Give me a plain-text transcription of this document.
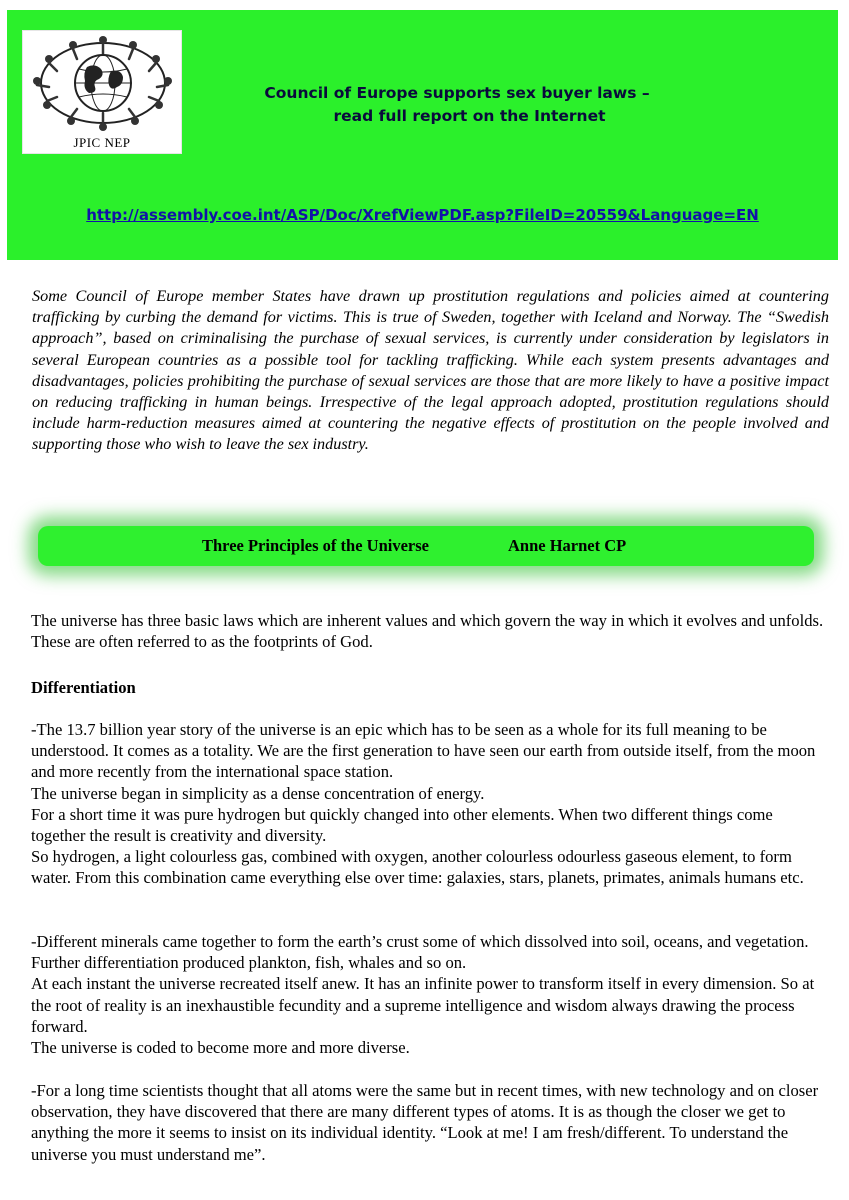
JPIC NEP
Council of Europe supports sex buyer laws –
read full report on the Internet
http://assembly.coe.int/ASP/Doc/XrefViewPDF.asp?FileID=20559&Language=EN
Some Council of Europe member States have drawn up prostitution regulations and policies aimed at countering trafficking by curbing the demand for victims. This is true of Sweden, together with Iceland and Norway. The “Swedish approach”, based on criminalising the purchase of sexual services, is currently under consideration by legislators in several European countries as a possible tool for tackling trafficking. While each system presents advantages and disadvantages, policies prohibiting the purchase of sexual services are those that are more likely to have a positive impact on reducing trafficking in human beings. Irrespective of the legal approach adopted, prostitution regulations should include harm-reduction measures aimed at countering the negative effects of prostitution on the people involved and supporting those who wish to leave the sex industry.
Three Principles of the Universe	Anne Harnet CP

The universe has three basic laws which are inherent values and which govern the way in which it evolves and unfolds. These are often referred to as the footprints of God.

Differentiation

-The 13.7 billion year story of the universe is an epic which has to be seen as a whole for its full meaning to be understood. It comes as a totality. We are the first generation to have seen our earth from outside itself, from the moon and more recently from the international space station.

The universe began in simplicity as a dense concentration of energy.

For a short time it was pure hydrogen but quickly changed into other elements. When two different things come together the result is creativity and diversity.

So hydrogen, a light colourless gas, combined with oxygen, another colourless odourless gaseous element, to form water. From this combination came everything else over time: galaxies, stars, planets, primates, animals humans etc.

-Different minerals came together to form the earth’s crust some of which dissolved into soil, oceans, and vegetation. Further differentiation produced plankton, fish, whales and so on.

At each instant the universe recreated itself anew. It has an infinite power to transform itself in every dimension. So at the root of reality is an inexhaustible fecundity and a supreme intelligence and wisdom always drawing the process forward.

The universe is coded to become more and more diverse.

-For a long time scientists thought that all atoms were the same but in recent times, with new technology and on closer observation, they have discovered that there are many different types of atoms. It is as though the closer we get to anything the more it seems to insist on its individual identity. “Look at me! I am fresh/different. To understand the universe you must understand me”.
